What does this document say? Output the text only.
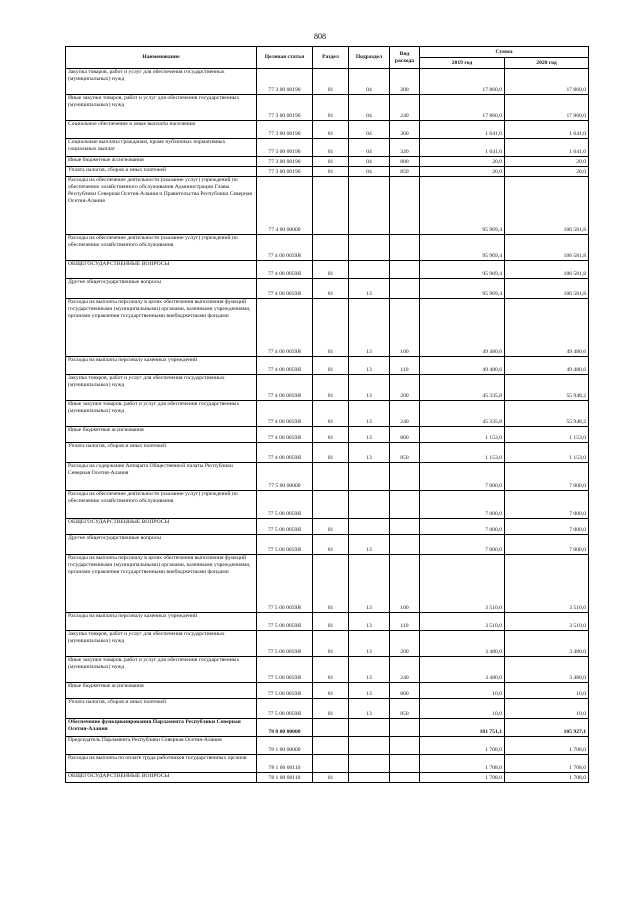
808
Наименование	Целевая статья	Раздел	Подраздел	Вид расхода	Сумма	
					2019 год	2020 год
Закупка товаров, работ и услуг для обеспечения государственных (муниципальных) нужд	77 3 00 00190	01	04	200	17 860,0	17 860,0
Иные закупки товаров, работ и услуг для обеспечения государственных (муниципальных) нужд	77 3 00 00190	01	04	240	17 860,0	17 860,0
Социальное обеспечение и иные выплаты населению	77 3 00 00190	01	04	300	1 641,0	1 641,0
Социальные выплаты гражданам, кроме публичных нормативных социальных выплат	77 3 00 00190	01	04	320	1 641,0	1 641,0
Иные бюджетные ассигнования	77 3 00 00190	01	04	800	20,0	20,0
Уплата налогов, сборов и иных платежей	77 3 00 00190	01	04	850	20,0	20,0
Расходы на обеспечение деятельности (оказание услуг) учреждений по обеспечению хозяйственного обслуживания Администрации Главы Республики Северная Осетия-Алания и Правительства Республики Северная Осетия-Алания	77 4 00 00000				95 969,4	106 581,8
Расходы на обеспечение деятельности (оказание услуг) учреждений по обеспечению хозяйственного обслуживания	77 4 00 0059Я				95 969,4	106 581,8
ОБЩЕГОСУДАРСТВЕННЫЕ ВОПРОСЫ	77 4 00 0059Я	01			95 969,4	106 581,8
Другие общегосударственные вопросы	77 4 00 0059Я	01	13		95 969,4	106 581,8
Расходы на выплаты персоналу в целях обеспечения выполнения функций государственными (муниципальными) органами, казенными учреждениями, органами управления государственными внебюджетными фондами	77 4 00 0059Я	01	13	100	49 480,6	49 480,6
Расходы на выплаты персоналу казенных учреждений	77 4 00 0059Я	01	13	110	49 480,6	49 480,6
Закупка товаров, работ и услуг для обеспечения государственных (муниципальных) нужд	77 4 00 0059Я	01	13	200	45 335,8	55 948,2
Иные закупки товаров, работ и услуг для обеспечения государственных (муниципальных) нужд	77 4 00 0059Я	01	13	240	45 335,8	55 948,2
Иные бюджетные ассигнования	77 4 00 0059Я	01	13	800	1 153,0	1 153,0
Уплата налогов, сборов и иных платежей	77 4 00 0059Я	01	13	850	1 153,0	1 153,0
Расходы на содержание Аппарата Общественной палаты Республики Северная Осетия-Алания	77 5 00 00000				7 000,0	7 000,0
Расходы на обеспечение деятельности (оказание услуг) учреждений по обеспечению хозяйственного обслуживания	77 5 00 0059Я				7 000,0	7 000,0
ОБЩЕГОСУДАРСТВЕННЫЕ ВОПРОСЫ	77 5 00 0059Я	01			7 000,0	7 000,0
Другие общегосударственные вопросы	77 5 00 0059Я	01	13		7 000,0	7 000,0
Расходы на выплаты персоналу в целях обеспечения выполнения функций государственными (муниципальными) органами, казенными учреждениями, органами управления государственными внебюджетными фондами	77 5 00 0059Я	01	13	100	3 510,0	3 510,0
Расходы на выплаты персоналу казенных учреждений	77 5 00 0059Я	01	13	110	3 510,0	3 510,0
Закупка товаров, работ и услуг для обеспечения государственных (муниципальных) нужд	77 5 00 0059Я	01	13	200	3 480,0	3 480,0
Иные закупки товаров, работ и услуг для обеспечения государственных (муниципальных) нужд	77 5 00 0059Я	01	13	240	3 480,0	3 480,0
Иные бюджетные ассигнования	77 5 00 0059Я	01	13	800	10,0	10,0
Уплата налогов, сборов и иных платежей	77 5 00 0059Я	01	13	850	10,0	10,0
Обеспечение функционирования Парламента Республики Северная Осетия-Алания	78 0 00 00000				101 751,1	105 927,1
Председатель Парламента Республики Северная Осетия-Алания	78 1 00 00000				1 708,0	1 708,0
Расходы на выплаты по оплате труда работников государственных органов	78 1 00 00110				1 708,0	1 708,0
ОБЩЕГОСУДАРСТВЕННЫЕ ВОПРОСЫ	78 1 00 00110	01			1 708,0	1 708,0
